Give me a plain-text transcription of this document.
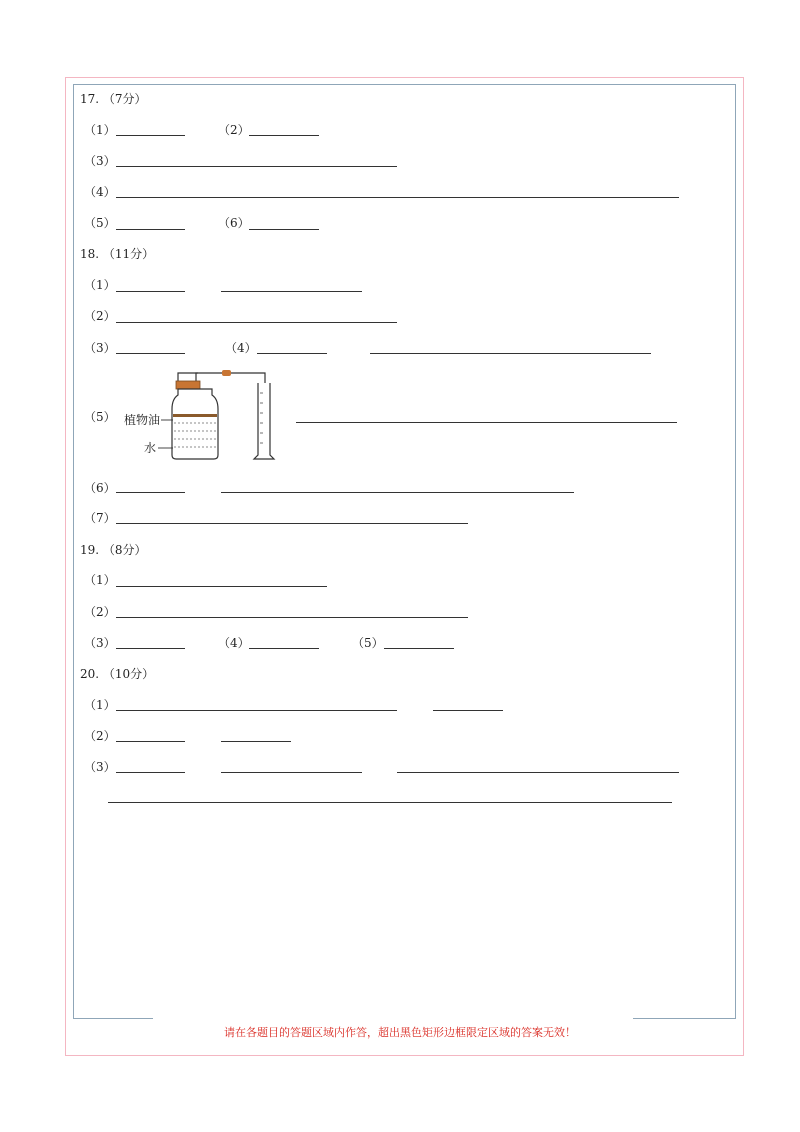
17. （7分）
（1）	（2）
（3）
（4）
（5）	（6）
18. （11分）
（1）
（2）
（3）	（4）
（5） 植物油
水
（6）
（7）
19. （8分）
（1）
（2）
（3）	（4）	（5）
20. （10分）
（1）
（2）
（3）
请在各题目的答题区域内作答，超出黑色矩形边框限定区域的答案无效！
